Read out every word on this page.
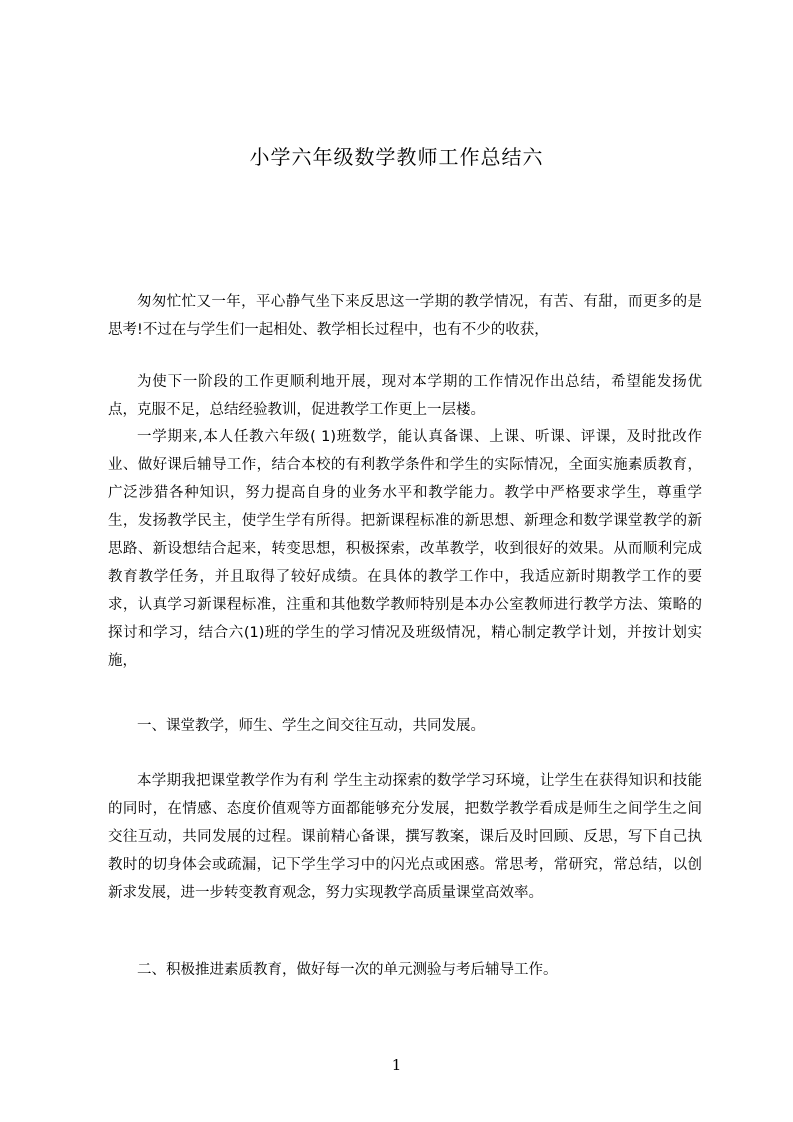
小学六年级数学教师工作总结六

匆匆忙忙又一年，平心静气坐下来反思这一学期的教学情况，有苦、有甜，而更多的是思考!不过在与学生们一起相处、教学相长过程中，也有不少的收获，

为使下一阶段的工作更顺利地开展，现对本学期的工作情况作出总结，希望能发扬优点，克服不足，总结经验教训，促进教学工作更上一层楼。

一学期来,本人任教六年级( 1)班数学，能认真备课、上课、听课、评课，及时批改作业、做好课后辅导工作，结合本校的有利教学条件和学生的实际情况，全面实施素质教育，广泛涉猎各种知识，努力提高自身的业务水平和教学能力。教学中严格要求学生，尊重学生，发扬教学民主，使学生学有所得。把新课程标准的新思想、新理念和数学课堂教学的新思路、新设想结合起来，转变思想，积极探索，改革教学，收到很好的效果。从而顺利完成教育教学任务，并且取得了较好成绩。在具体的教学工作中，我适应新时期教学工作的要求，认真学习新课程标准，注重和其他数学教师特别是本办公室教师进行教学方法、策略的探讨和学习，结合六(1)班的学生的学习情况及班级情况，精心制定教学计划，并按计划实施，

一、课堂教学，师生、学生之间交往互动，共同发展。

本学期我把课堂教学作为有利 学生主动探索的数学学习环境，让学生在获得知识和技能的同时，在情感、态度价值观等方面都能够充分发展，把数学教学看成是师生之间学生之间交往互动，共同发展的过程。课前精心备课，撰写教案，课后及时回顾、反思，写下自己执教时的切身体会或疏漏，记下学生学习中的闪光点或困惑。常思考，常研究，常总结，以创新求发展，进一步转变教育观念，努力实现教学高质量课堂高效率。

二、积极推进素质教育，做好每一次的单元测验与考后辅导工作。

1
